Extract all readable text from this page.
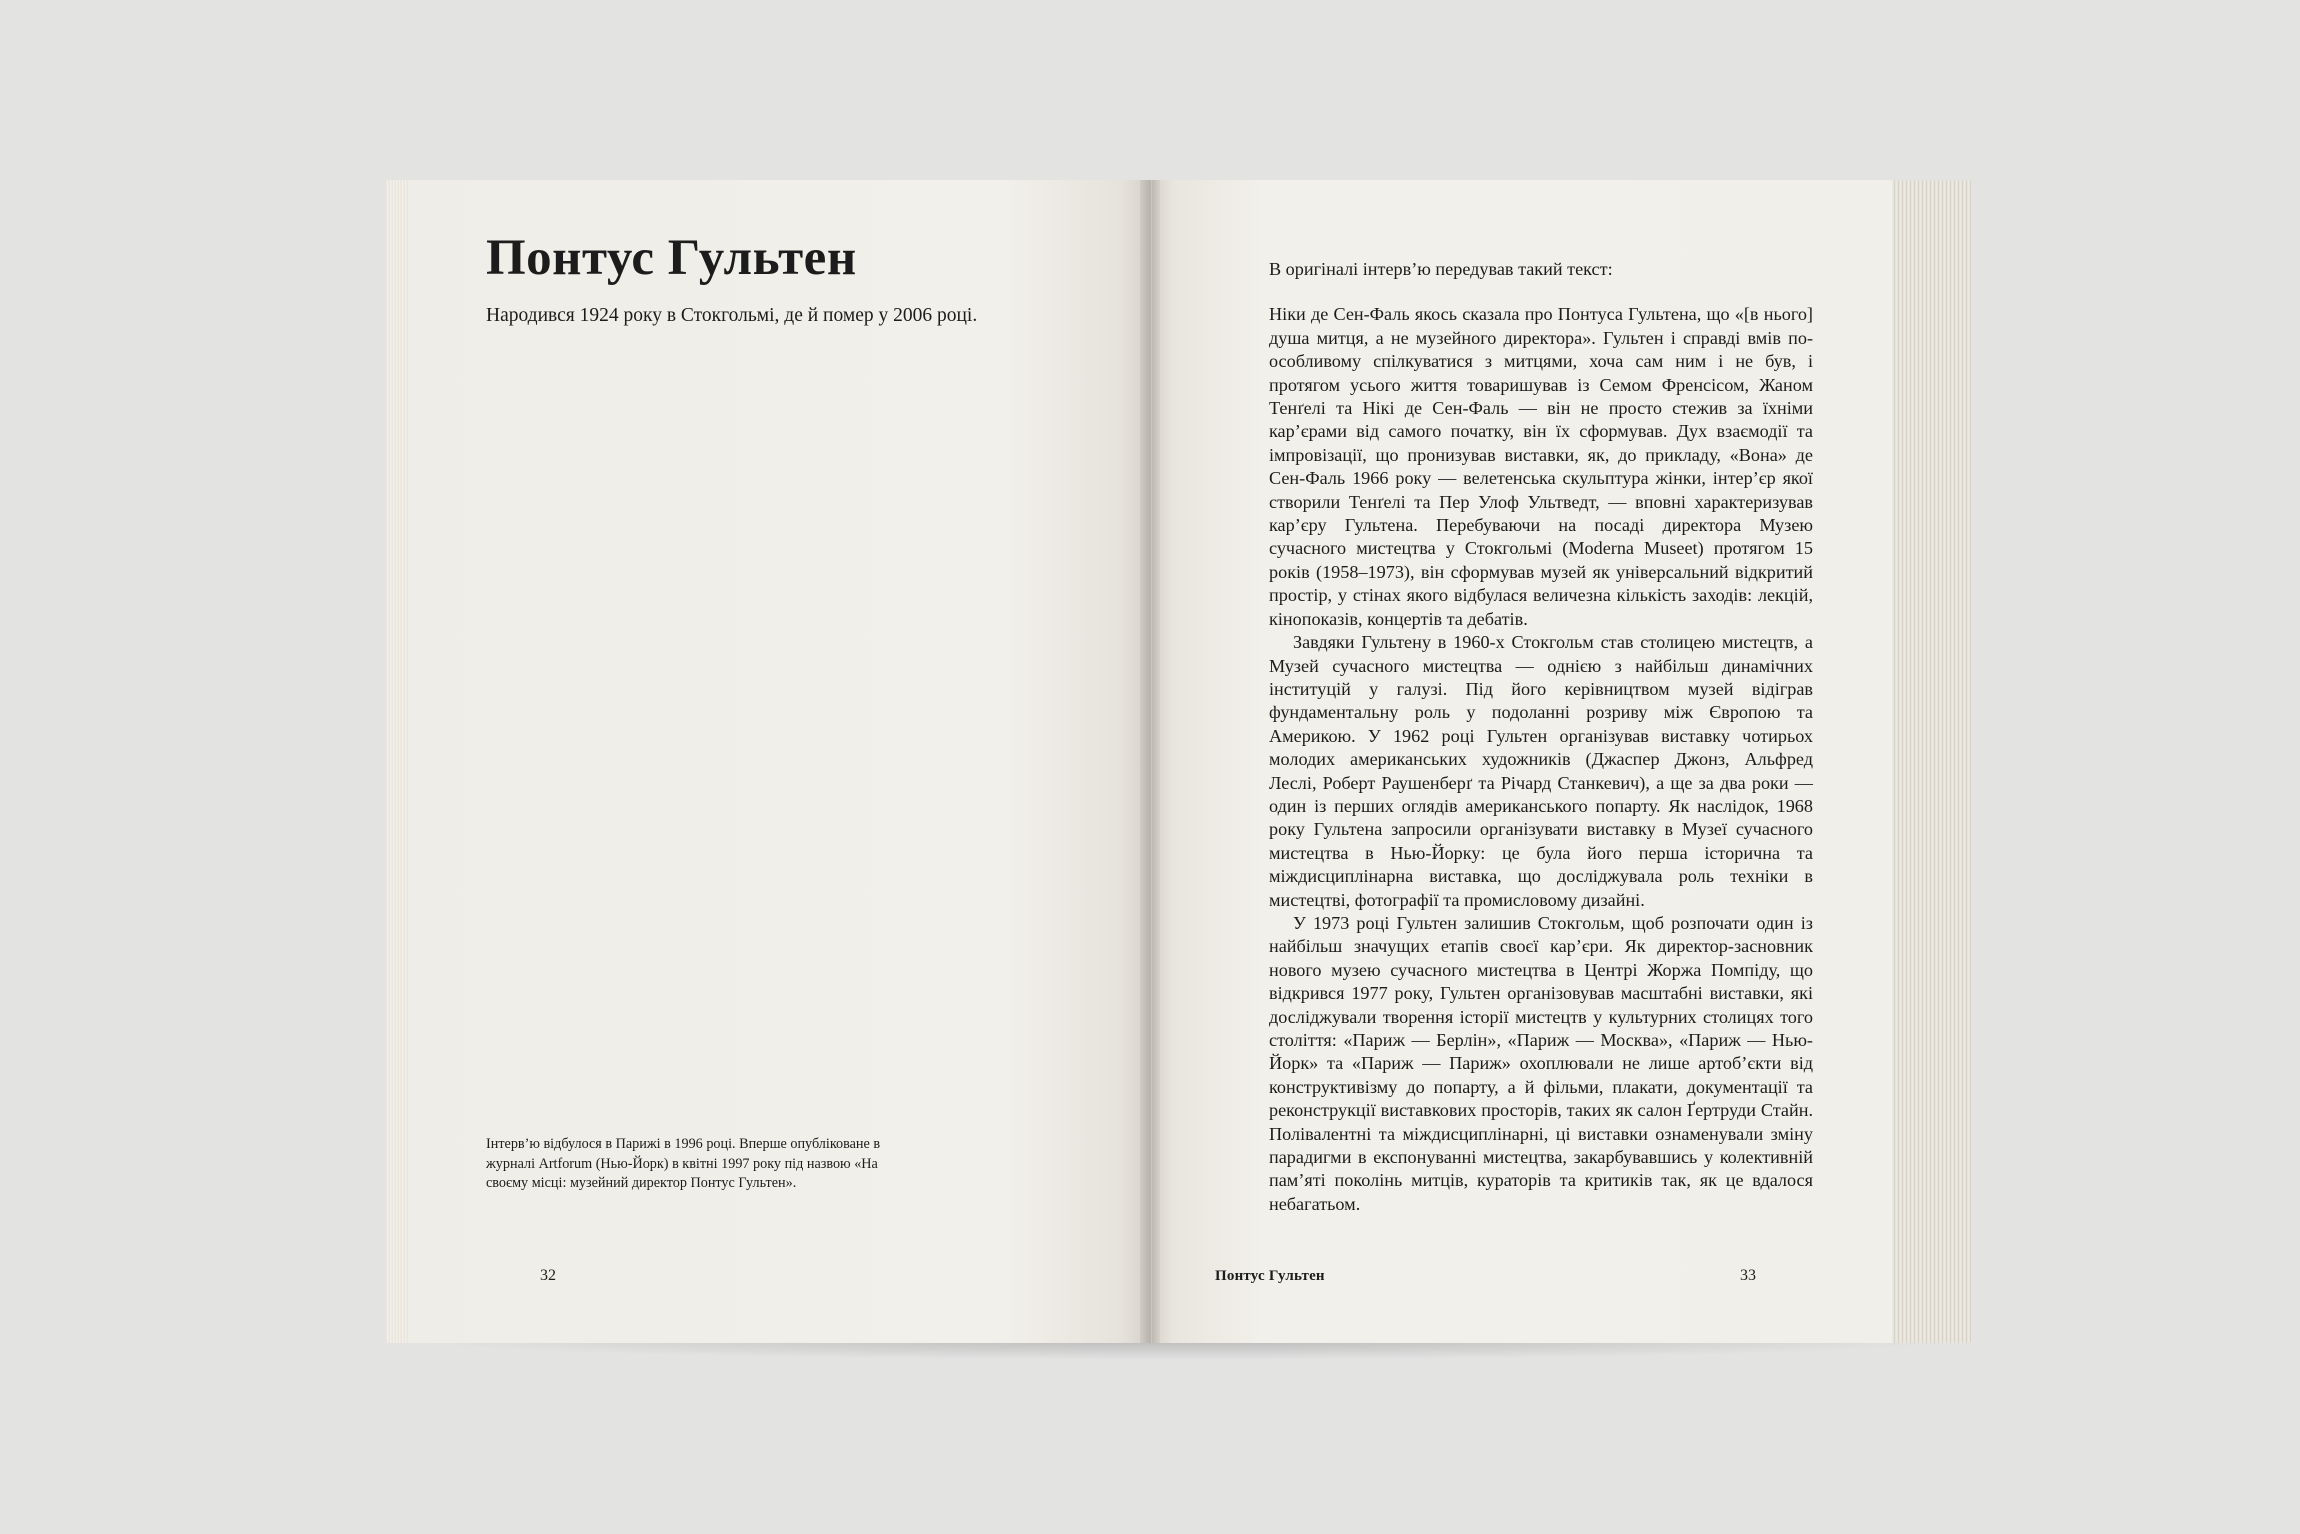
Понтус Гультен

Народився 1924 року в Стокгольмі, де й помер у 2006 році.

Інтерв’ю відбулося в Парижі в 1996 році. Вперше опубліковане в журналі Artforum (Нью-Йорк) в квітні 1997 року під назвою «На своєму місці: музейний директор Понтус Гультен».

32

В оригіналі інтерв’ю передував такий текст:

Ніки де Сен-Фаль якось сказала про Понтуса Гультена, що «[в нього] душа митця, а не музейного директора». Гультен і справді вмів по-особливому спілкуватися з митцями, хоча сам ним і не був, і протягом усього життя товаришував із Семом Френсісом, Жаном Тенґелі та Нікі де Сен-Фаль — він не просто стежив за їхніми кар’єрами від самого початку, він їх сформував. Дух взаємодії та імпровізації, що пронизував виставки, як, до прикладу, «Вона» де Сен-Фаль 1966 року — велетенська скульптура жінки, інтер’єр якої створили Тенґелі та Пер Улоф Ультведт, — вповні характеризував кар’єру Гультена. Перебуваючи на посаді директора Музею сучасного мистецтва у Стокгольмі (Moderna Museet) протягом 15 років (1958–1973), він сформував музей як універсальний відкритий простір, у стінах якого відбулася величезна кількість заходів: лекцій, кінопоказів, концертів та дебатів.

Завдяки Гультену в 1960-х Стокгольм став столицею мистецтв, а Музей сучасного мистецтва — однією з найбільш динамічних інституцій у галузі. Під його керівництвом музей відіграв фундаментальну роль у подоланні розриву між Європою та Америкою. У 1962 році Гультен організував виставку чотирьох молодих американських художників (Джаспер Джонз, Альфред Леслі, Роберт Раушенберґ та Річард Станкевич), а ще за два роки — один із перших оглядів американського попарту. Як наслідок, 1968 року Гультена запросили організувати виставку в Музеї сучасного мистецтва в Нью-Йорку: це була його перша історична та міждисциплінарна виставка, що досліджувала роль техніки в мистецтві, фотографії та промисловому дизайні.

У 1973 році Гультен залишив Стокгольм, щоб розпочати один із найбільш значущих етапів своєї кар’єри. Як директор-засновник нового музею сучасного мистецтва в Центрі Жоржа Помпіду, що відкрився 1977 року, Гультен організовував масштабні виставки, які досліджували творення історії мистецтв у культурних столицях того століття: «Париж — Берлін», «Париж — Москва», «Париж — Нью-Йорк» та «Париж — Париж» охоплювали не лише артоб’єкти від конструктивізму до попарту, а й фільми, плакати, документації та реконструкції виставкових просторів, таких як салон Ґертруди Стайн. Полівалентні та міждисциплінарні, ці виставки ознаменували зміну парадигми в експонуванні мистецтва, закарбувавшись у колективній пам’яті поколінь митців, кураторів та критиків так, як це вдалося небагатьом.

Понтус Гультен	33
